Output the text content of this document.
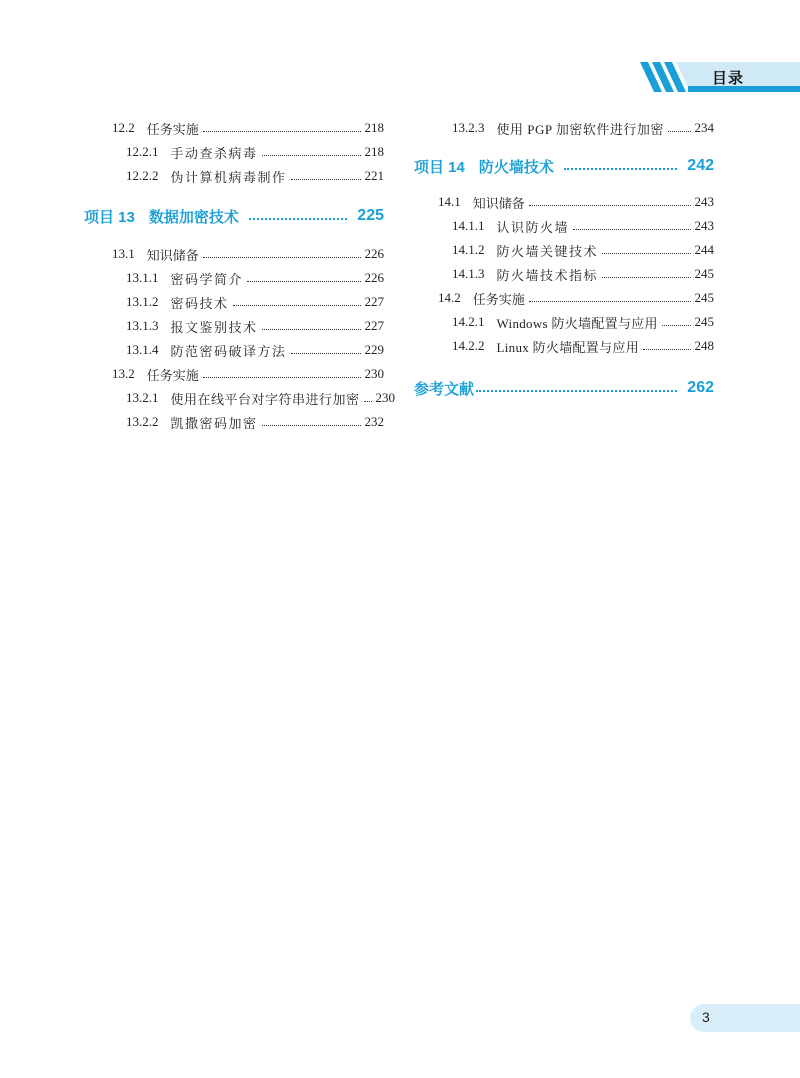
目录
12.2 任务实施	218
12.2.1 手动查杀病毒	218
12.2.2 伪计算机病毒制作	221
项目 13 数据加密技术	225
13.1 知识储备	226
13.1.1 密码学简介	226
13.1.2 密码技术	227
13.1.3 报文鉴别技术	227
13.1.4 防范密码破译方法	229
13.2 任务实施	230
13.2.1 使用在线平台对字符串进行加密 230
13.2.2 凯撒密码加密	232
13.2.3 使用 PGP 加密软件进行加密 234
项目 14 防火墙技术	242
14.1 知识储备	243
14.1.1 认识防火墙	243
14.1.2 防火墙关键技术	244
14.1.3 防火墙技术指标	245
14.2 任务实施	245
14.2.1 Windows 防火墙配置与应用	245
14.2.2 Linux 防火墙配置与应用	248
参考文献	262
3
